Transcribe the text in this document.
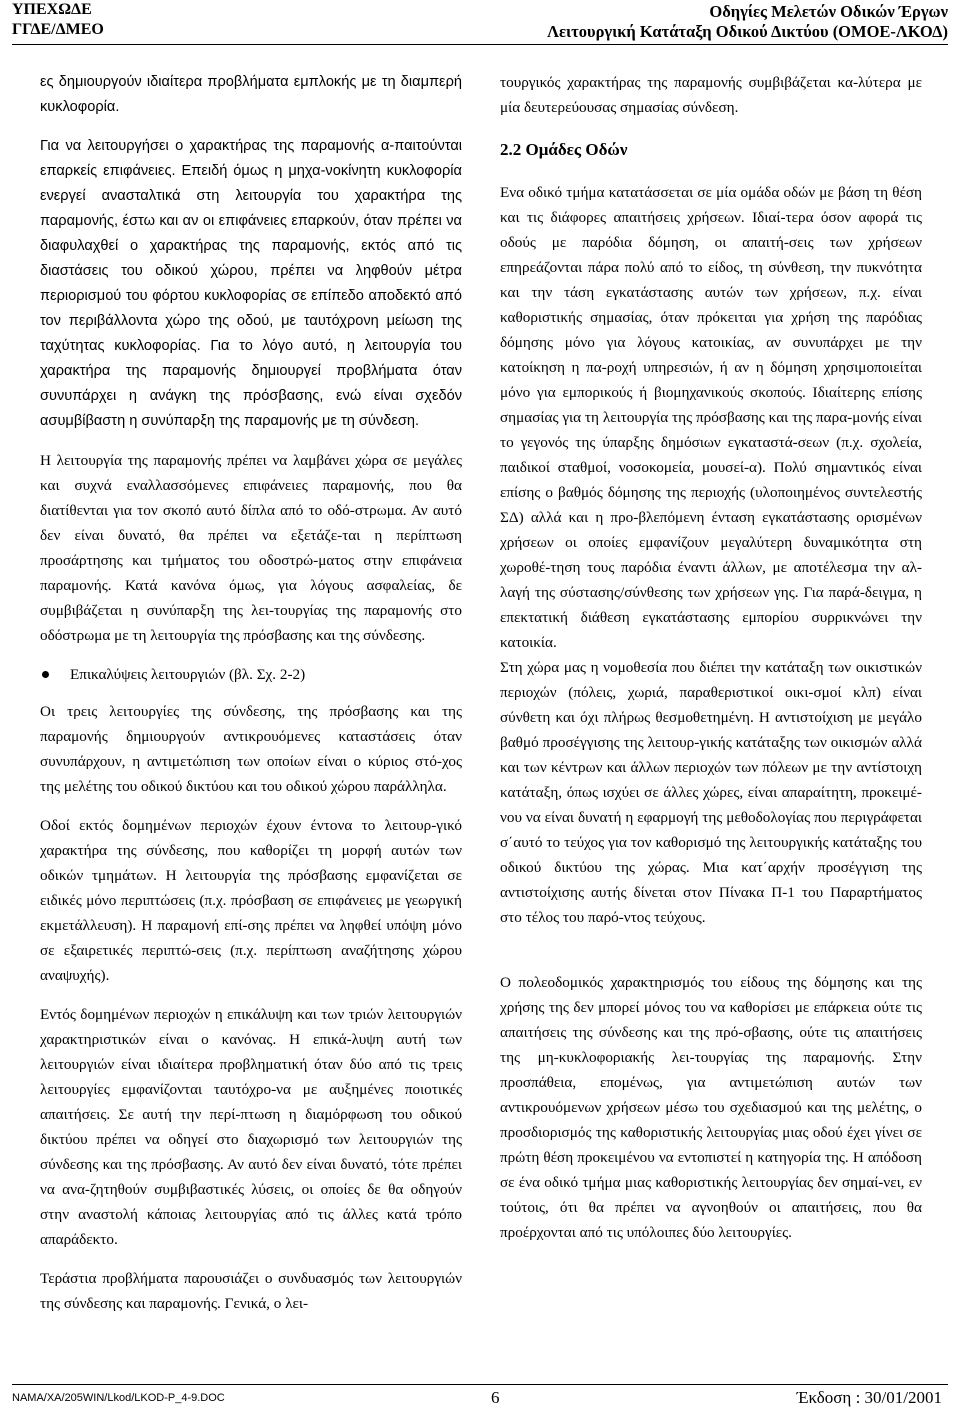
ΥΠΕΧΩΔΕ
ΓΓΔΕ/ΔΜΕΟ
Οδηγίες Μελετών Οδικών Έργων
Λειτουργική Κατάταξη Οδικού Δικτύου (ΟΜΟΕ-ΛΚΟΔ)

ες δημιουργούν ιδιαίτερα προβλήματα εμπλοκής με τη διαμπερή κυκλοφορία.

Για να λειτουργήσει ο χαρακτήρας της παραμονής α-παιτούνται επαρκείς επιφάνειες. Επειδή όμως η μηχα-νοκίνητη κυκλοφορία ενεργεί ανασταλτικά στη λειτουργία του χαρακτήρα της παραμονής, έστω και αν οι επιφάνειες επαρκούν, όταν πρέπει να διαφυλαχθεί ο χαρακτήρας της παραμονής, εκτός από τις διαστάσεις του οδικού χώρου, πρέπει να ληφθούν μέτρα περιορισμού του φόρτου κυκλοφορίας σε επίπεδο αποδεκτό από τον περιβάλλοντα χώρο της οδού, με ταυτόχρονη μείωση της ταχύτητας κυκλοφορίας. Για το λόγο αυτό, η λειτουργία του χαρακτήρα της παραμονής δημιουργεί προβλήματα όταν συνυπάρχει η ανάγκη της πρόσβασης, ενώ είναι σχεδόν ασυμβίβαστη η συνύπαρξη της παραμονής με τη σύνδεση.

Η λειτουργία της παραμονής πρέπει να λαμβάνει χώρα σε μεγάλες και συχνά εναλλασσόμενες επιφάνειες παραμονής, που θα διατίθενται για τον σκοπό αυτό δίπλα από το οδό-στρωμα. Αν αυτό δεν είναι δυνατό, θα πρέπει να εξετάζε-ται η περίπτωση προσάρτησης και τμήματος του οδοστρώ-ματος στην επιφάνεια παραμονής. Κατά κανόνα όμως, για λόγους ασφαλείας, δε συμβιβάζεται η συνύπαρξη της λει-τουργίας της παραμονής στο οδόστρωμα με τη λειτουργία της πρόσβασης και της σύνδεσης.

Επικαλύψεις λειτουργιών (βλ. Σχ. 2-2)

Οι τρεις λειτουργίες της σύνδεσης, της πρόσβασης και της παραμονής δημιουργούν αντικρουόμενες καταστάσεις όταν συνυπάρχουν, η αντιμετώπιση των οποίων είναι ο κύριος στό-χος της μελέτης του οδικού δικτύου και του οδικού χώρου παράλληλα.

Οδοί εκτός δομημένων περιοχών έχουν έντονα το λειτουρ-γικό χαρακτήρα της σύνδεσης, που καθορίζει τη μορφή αυτών των οδικών τμημάτων. Η λειτουργία της πρόσβασης εμφανίζεται σε ειδικές μόνο περιπτώσεις (π.χ. πρόσβαση σε επιφάνειες με γεωργική εκμετάλλευση). Η παραμονή επί-σης πρέπει να ληφθεί υπόψη μόνο σε εξαιρετικές περιπτώ-σεις (π.χ. περίπτωση αναζήτησης χώρου αναψυχής).

Εντός δομημένων περιοχών η επικάλυψη και των τριών λειτουργιών χαρακτηριστικών είναι ο κανόνας. Η επικά-λυψη αυτή των λειτουργιών είναι ιδιαίτερα προβληματική όταν δύο από τις τρεις λειτουργίες εμφανίζονται ταυτόχρο-να με αυξημένες ποιοτικές απαιτήσεις. Σε αυτή την περί-πτωση η διαμόρφωση του οδικού δικτύου πρέπει να οδηγεί στο διαχωρισμό των λειτουργιών της σύνδεσης και της πρόσβασης. Αν αυτό δεν είναι δυνατό, τότε πρέπει να ανα-ζητηθούν συμβιβαστικές λύσεις, οι οποίες δε θα οδηγούν στην αναστολή κάποιας λειτουργίας από τις άλλες κατά τρόπο απαράδεκτο.

Τεράστια προβλήματα παρουσιάζει ο συνδυασμός των λειτουργιών της σύνδεσης και παραμονής. Γενικά, ο λει-

τουργικός χαρακτήρας της παραμονής συμβιβάζεται κα-λύτερα με μία δευτερεύουσας σημασίας σύνδεση.

2.2 Ομάδες Οδών

Ενα οδικό τμήμα κατατάσσεται σε μία ομάδα οδών με βάση τη θέση και τις διάφορες απαιτήσεις χρήσεων. Ιδιαί-τερα όσον αφορά τις οδούς με παρόδια δόμηση, οι απαιτή-σεις των χρήσεων επηρεάζονται πάρα πολύ από το είδος, τη σύνθεση, την πυκνότητα και την τάση εγκατάστασης αυτών των χρήσεων, π.χ. είναι καθοριστικής σημασίας, όταν πρόκειται για χρήση της παρόδιας δόμησης μόνο για λόγους κατοικίας, αν συνυπάρχει με την κατοίκηση η πα-ροχή υπηρεσιών, ή αν η δόμηση χρησιμοποιείται μόνο για εμπορικούς ή βιομηχανικούς σκοπούς. Ιδιαίτερης επίσης σημασίας για τη λειτουργία της πρόσβασης και της παρα-μονής είναι το γεγονός της ύπαρξης δημόσιων εγκαταστά-σεων (π.χ. σχολεία, παιδικοί σταθμοί, νοσοκομεία, μουσεί-α). Πολύ σημαντικός είναι επίσης ο βαθμός δόμησης της περιοχής (υλοποιημένος συντελεστής ΣΔ) αλλά και η προ-βλεπόμενη ένταση εγκατάστασης ορισμένων χρήσεων οι οποίες εμφανίζουν μεγαλύτερη δυναμικότητα στη χωροθέ-τηση τους παρόδια έναντι άλλων, με αποτέλεσμα την αλ-λαγή της σύστασης/σύνθεσης των χρήσεων γης. Για παρά-δειγμα, η επεκτατική διάθεση εγκατάστασης εμπορίου συρρικνώνει την κατοικία.

Στη χώρα μας η νομοθεσία που διέπει την κατάταξη των οικιστικών περιοχών (πόλεις, χωριά, παραθεριστικοί οικι-σμοί κλπ) είναι σύνθετη και όχι πλήρως θεσμοθετημένη. Η αντιστοίχιση με μεγάλο βαθμό προσέγγισης της λειτουρ-γικής κατάταξης των οικισμών αλλά και των κέντρων και άλλων περιοχών των πόλεων με την αντίστοιχη κατάταξη, όπως ισχύει σε άλλες χώρες, είναι απαραίτητη, προκειμέ-νου να είναι δυνατή η εφαρμογή της μεθοδολογίας που περιγράφεται σ΄αυτό το τεύχος για τον καθορισμό της λειτουργικής κατάταξης του οδικού δικτύου της χώρας. Μια κατ΄αρχήν προσέγγιση της αντιστοίχισης αυτής δίνεται στον Πίνακα Π-1 του Παραρτήματος στο τέλος του παρό-ντος τεύχους.

Ο πολεοδομικός χαρακτηρισμός του είδους της δόμησης και της χρήσης της δεν μπορεί μόνος του να καθορίσει με επάρκεια ούτε τις απαιτήσεις της σύνδεσης και της πρό-σβασης, ούτε τις απαιτήσεις της μη-κυκλοφοριακής λει-τουργίας της παραμονής. Στην προσπάθεια, επομένως, για αντιμετώπιση αυτών των αντικρουόμενων χρήσεων μέσω του σχεδιασμού και της μελέτης, ο προσδιορισμός της καθοριστικής λειτουργίας μιας οδού έχει γίνει σε πρώτη θέση προκειμένου να εντοπιστεί η κατηγορία της. Η απόδοση σε ένα οδικό τμήμα μιας καθοριστικής λειτουργίας δεν σημαί-νει, εν τούτοις, ότι θα πρέπει να αγνοηθούν οι απαιτήσεις, που θα προέρχονται από τις υπόλοιπες δύο λειτουργίες.

ΝΑΜΑ/ΧΑ/205WIN/Lkod/LKOD-P_4-9.DOC	6	Έκδοση : 30/01/2001
